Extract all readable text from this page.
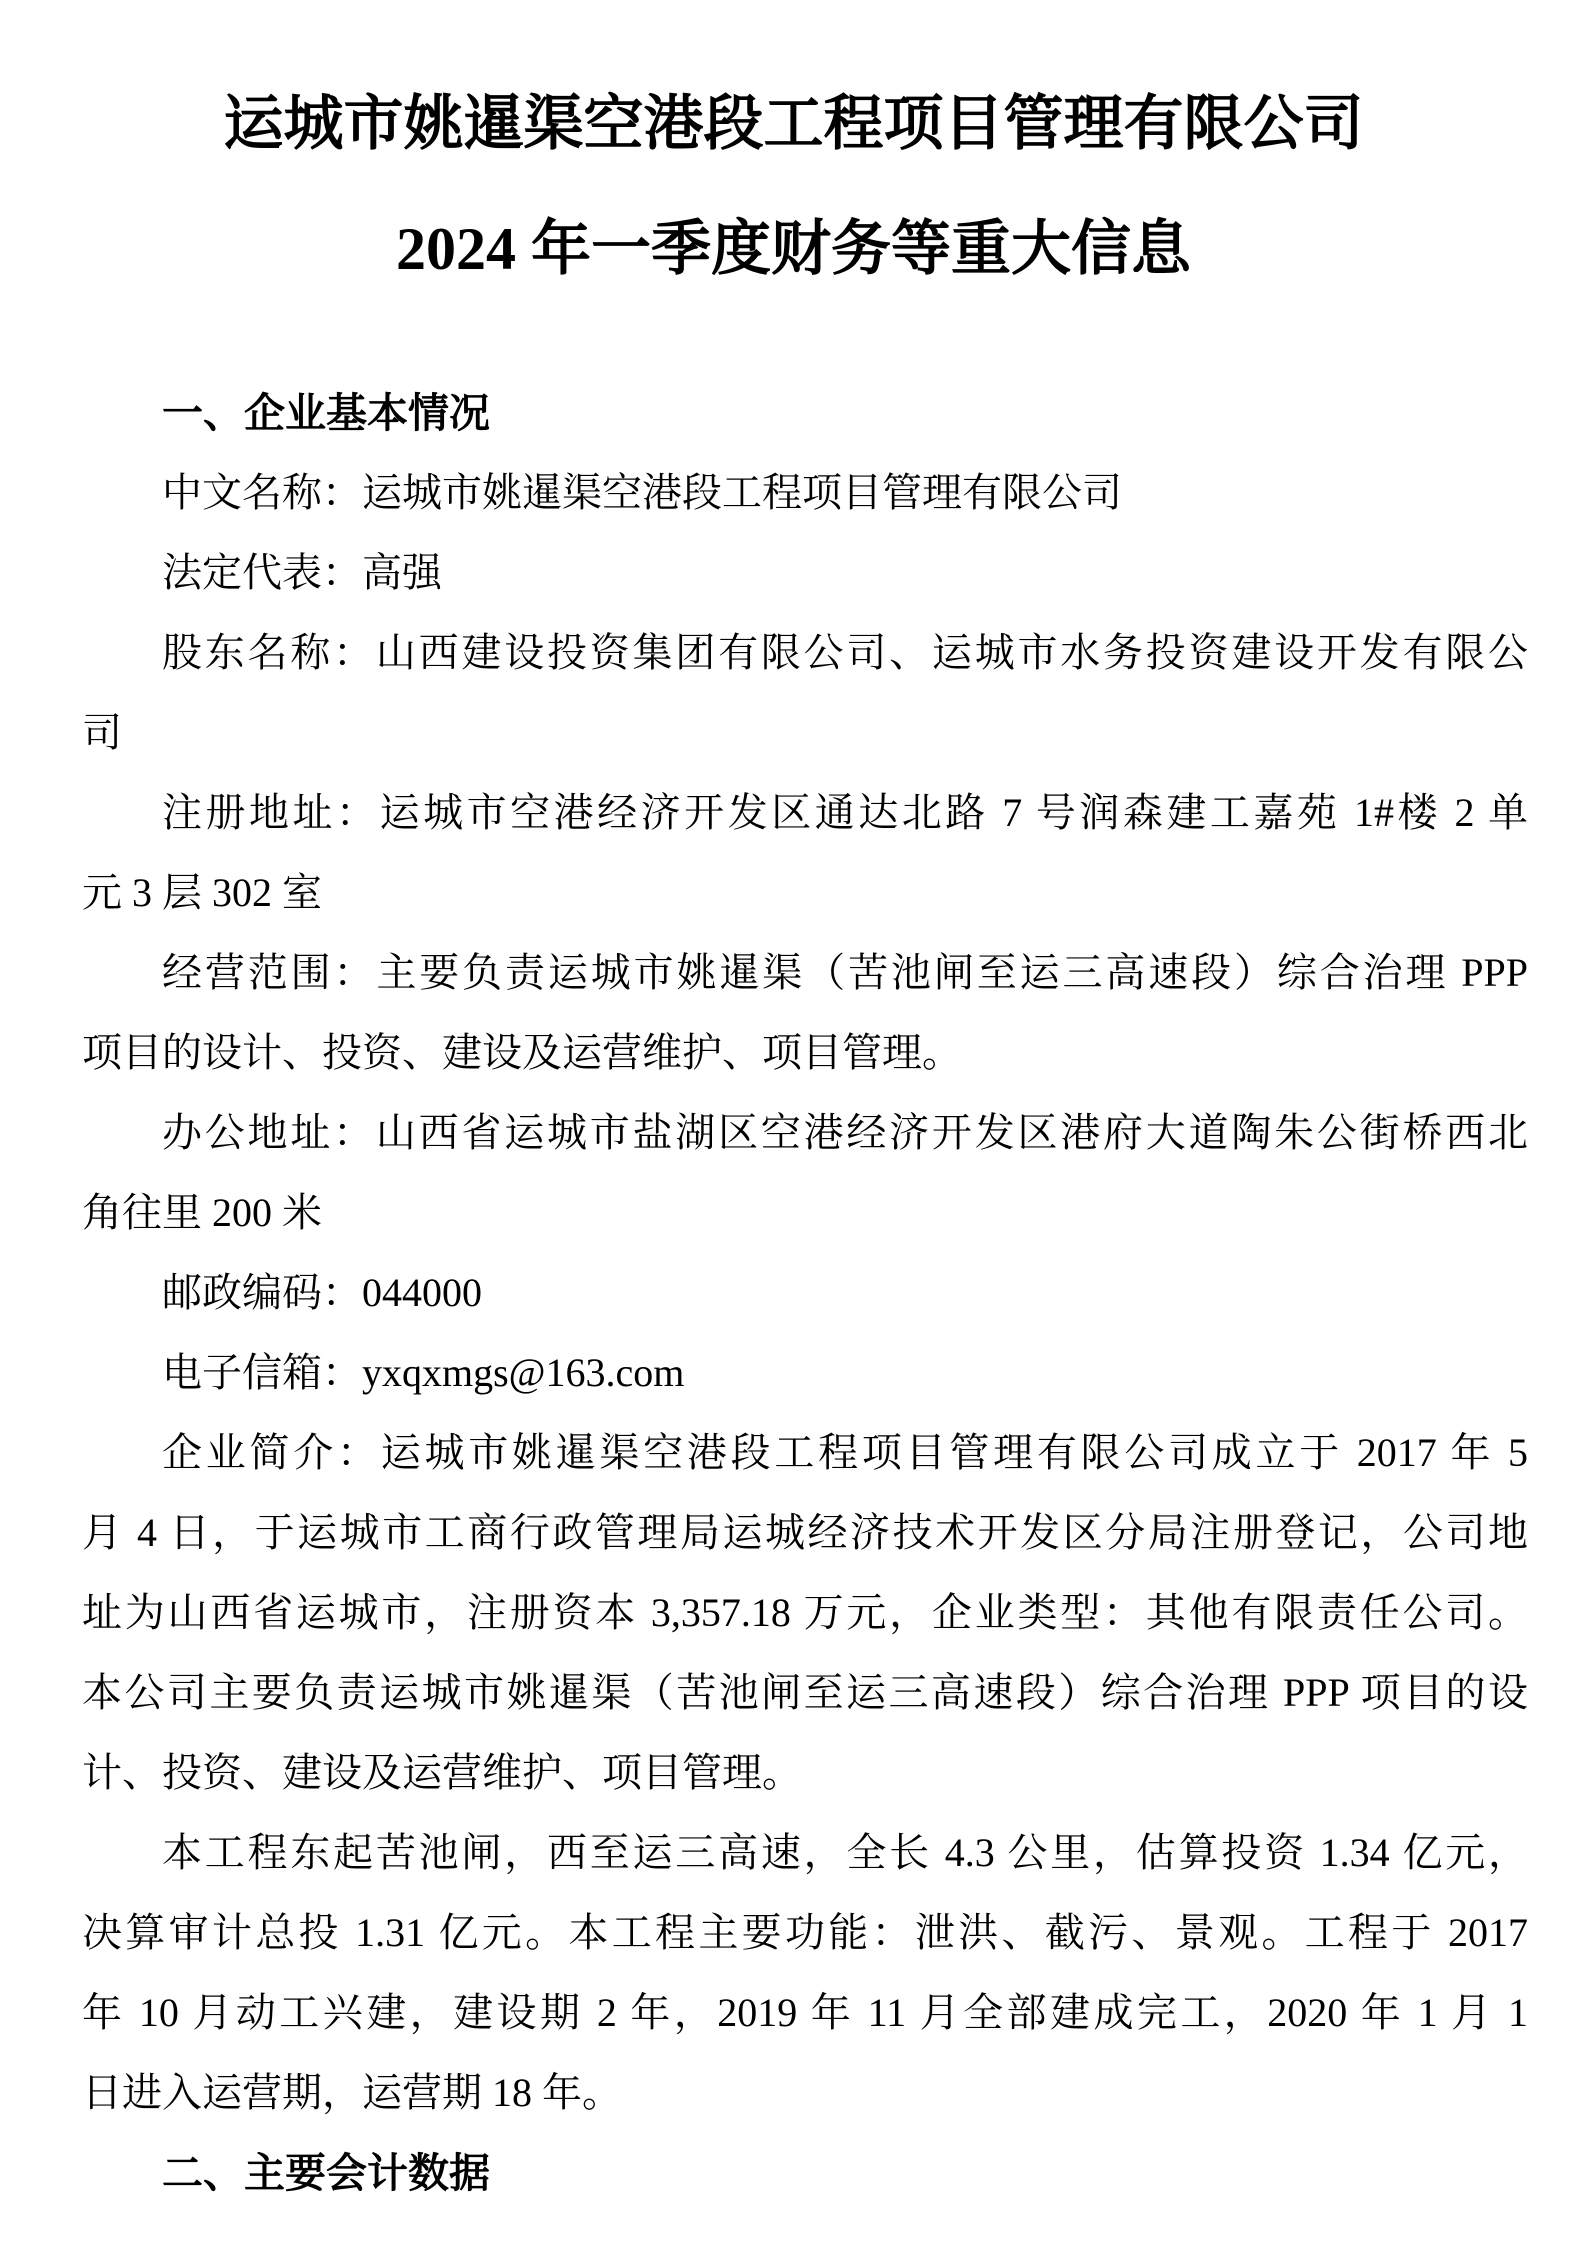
运城市姚暹渠空港段工程项目管理有限公司
2024 年一季度财务等重大信息
一、企业基本情况
中文名称：运城市姚暹渠空港段工程项目管理有限公司
法定代表：高强
股东名称：山西建设投资集团有限公司、运城市水务投资建设开发有限公
司
注册地址：运城市空港经济开发区通达北路 7 号润森建工嘉苑 1#楼 2 单
元 3 层 302 室
经营范围：主要负责运城市姚暹渠（苦池闸至运三高速段）综合治理 PPP
项目的设计、投资、建设及运营维护、项目管理。
办公地址：山西省运城市盐湖区空港经济开发区港府大道陶朱公街桥西北
角往里 200 米
邮政编码：044000
电子信箱：yxqxmgs@163.com
企业简介：运城市姚暹渠空港段工程项目管理有限公司成立于 2017 年 5
月 4 日，于运城市工商行政管理局运城经济技术开发区分局注册登记，公司地
址为山西省运城市，注册资本 3,357.18 万元，企业类型：其他有限责任公司。
本公司主要负责运城市姚暹渠（苦池闸至运三高速段）综合治理 PPP 项目的设
计、投资、建设及运营维护、项目管理。
本工程东起苦池闸，西至运三高速，全长 4.3 公里，估算投资 1.34 亿元，
决算审计总投 1.31 亿元。本工程主要功能：泄洪、截污、景观。工程于 2017
年 10 月动工兴建，建设期 2 年，2019 年 11 月全部建成完工，2020 年 1 月 1
日进入运营期，运营期 18 年。
二、主要会计数据
